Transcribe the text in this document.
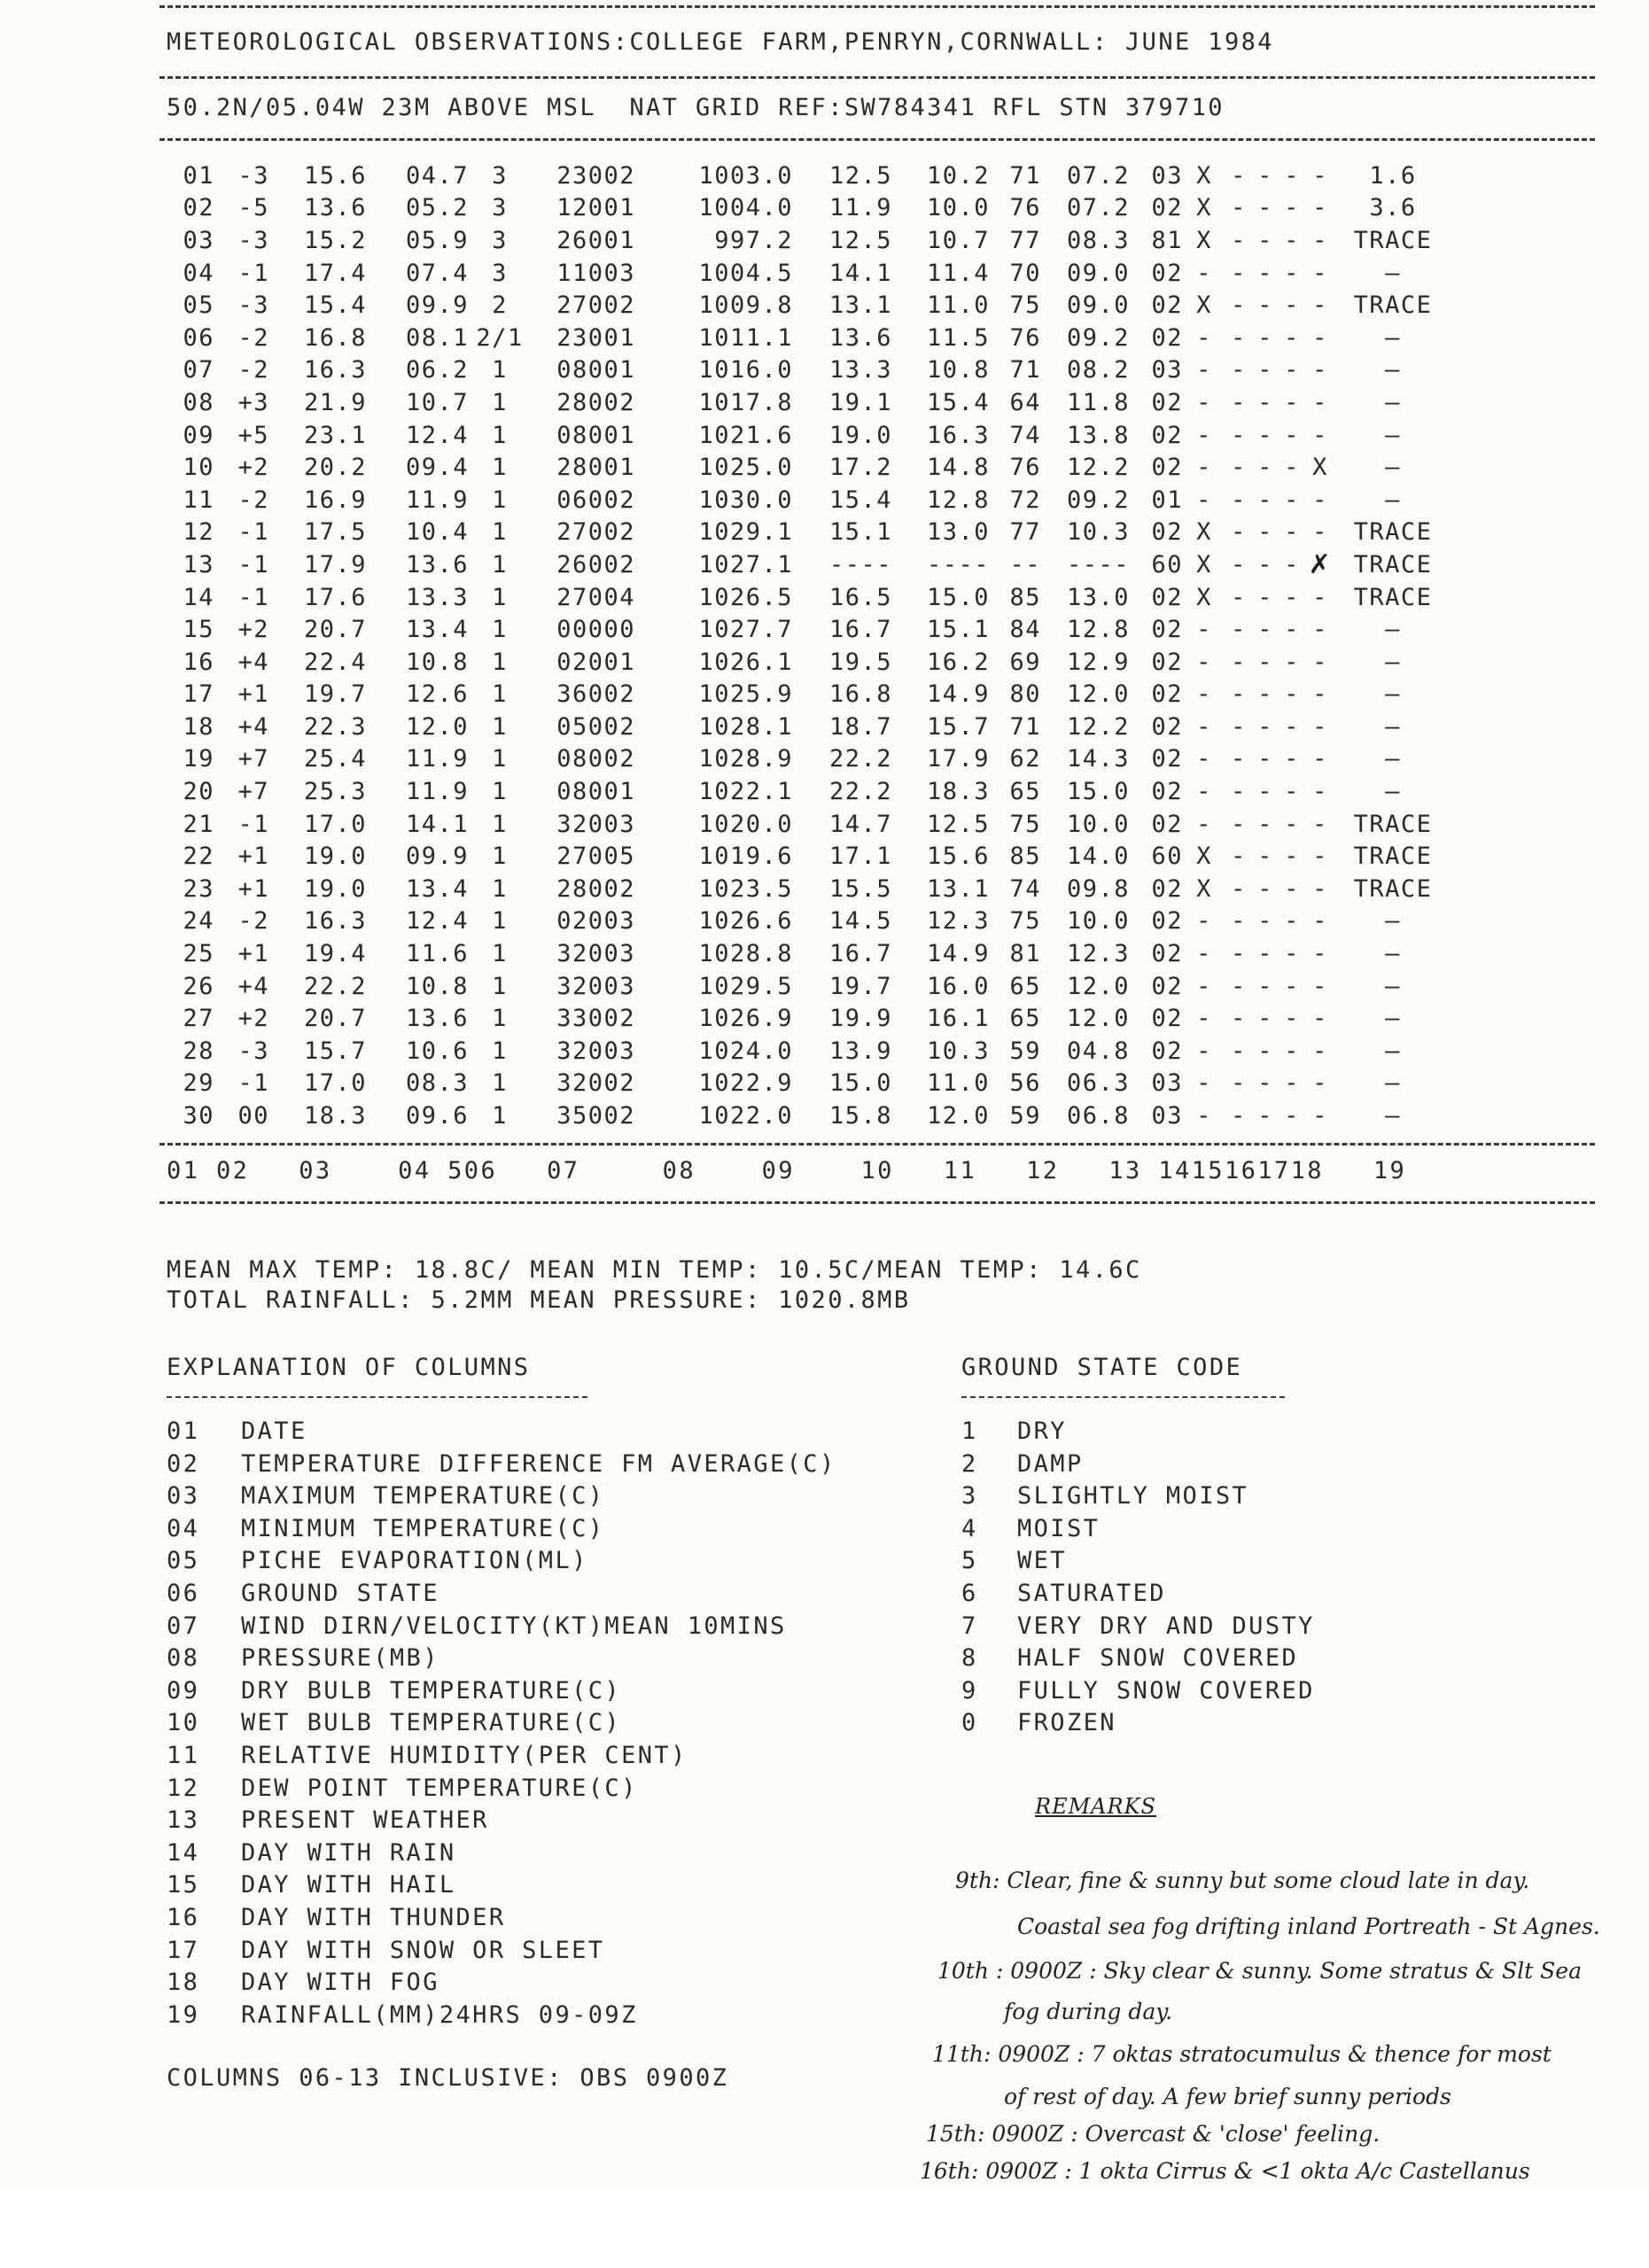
METEOROLOGICAL OBSERVATIONS:COLLEGE FARM,PENRYN,CORNWALL: JUNE 1984
50.2N/05.04W 23M ABOVE MSL  NAT GRID REF:SW784341 RFL STN 379710
01	-3	15.6	04.7	3	23002	1003.0	12.5	10.2	71	07.2	03	X	-	-	-	-	1.6
02	-5	13.6	05.2	3	12001	1004.0	11.9	10.0	76	07.2	02	X	-	-	-	-	3.6
03	-3	15.2	05.9	3	26001	997.2	12.5	10.7	77	08.3	81	X	-	-	-	-	TRACE
04	-1	17.4	07.4	3	11003	1004.5	14.1	11.4	70	09.0	02	-	-	-	-	-	—
05	-3	15.4	09.9	2	27002	1009.8	13.1	11.0	75	09.0	02	X	-	-	-	-	TRACE
06	-2	16.8	08.1	2/1	23001	1011.1	13.6	11.5	76	09.2	02	-	-	-	-	-	—
07	-2	16.3	06.2	1	08001	1016.0	13.3	10.8	71	08.2	03	-	-	-	-	-	—
08	+3	21.9	10.7	1	28002	1017.8	19.1	15.4	64	11.8	02	-	-	-	-	-	—
09	+5	23.1	12.4	1	08001	1021.6	19.0	16.3	74	13.8	02	-	-	-	-	-	—
10	+2	20.2	09.4	1	28001	1025.0	17.2	14.8	76	12.2	02	-	-	-	-	X	—
11	-2	16.9	11.9	1	06002	1030.0	15.4	12.8	72	09.2	01	-	-	-	-	-	—
12	-1	17.5	10.4	1	27002	1029.1	15.1	13.0	77	10.3	02	X	-	-	-	-	TRACE
13	-1	17.9	13.6	1	26002	1027.1	----	----	--	----	60	X	-	-	-	✗	TRACE
14	-1	17.6	13.3	1	27004	1026.5	16.5	15.0	85	13.0	02	X	-	-	-	-	TRACE
15	+2	20.7	13.4	1	00000	1027.7	16.7	15.1	84	12.8	02	-	-	-	-	-	—
16	+4	22.4	10.8	1	02001	1026.1	19.5	16.2	69	12.9	02	-	-	-	-	-	—
17	+1	19.7	12.6	1	36002	1025.9	16.8	14.9	80	12.0	02	-	-	-	-	-	—
18	+4	22.3	12.0	1	05002	1028.1	18.7	15.7	71	12.2	02	-	-	-	-	-	—
19	+7	25.4	11.9	1	08002	1028.9	22.2	17.9	62	14.3	02	-	-	-	-	-	—
20	+7	25.3	11.9	1	08001	1022.1	22.2	18.3	65	15.0	02	-	-	-	-	-	—
21	-1	17.0	14.1	1	32003	1020.0	14.7	12.5	75	10.0	02	-	-	-	-	-	TRACE
22	+1	19.0	09.9	1	27005	1019.6	17.1	15.6	85	14.0	60	X	-	-	-	-	TRACE
23	+1	19.0	13.4	1	28002	1023.5	15.5	13.1	74	09.8	02	X	-	-	-	-	TRACE
24	-2	16.3	12.4	1	02003	1026.6	14.5	12.3	75	10.0	02	-	-	-	-	-	—
25	+1	19.4	11.6	1	32003	1028.8	16.7	14.9	81	12.3	02	-	-	-	-	-	—
26	+4	22.2	10.8	1	32003	1029.5	19.7	16.0	65	12.0	02	-	-	-	-	-	—
27	+2	20.7	13.6	1	33002	1026.9	19.9	16.1	65	12.0	02	-	-	-	-	-	—
28	-3	15.7	10.6	1	32003	1024.0	13.9	10.3	59	04.8	02	-	-	-	-	-	—
29	-1	17.0	08.3	1	32002	1022.9	15.0	11.0	56	06.3	03	-	-	-	-	-	—
30	00	18.3	09.6	1	35002	1022.0	15.8	12.0	59	06.8	03	-	-	-	-	-	—
01 02   03    04 506   07     08    09    10   11   12   13 1415161718   19
MEAN MAX TEMP: 18.8C/ MEAN MIN TEMP: 10.5C/MEAN TEMP: 14.6C
TOTAL RAINFALL: 5.2MM MEAN PRESSURE: 1020.8MB
EXPLANATION OF COLUMNS
01 DATE
02 TEMPERATURE DIFFERENCE FM AVERAGE(C)
03 MAXIMUM TEMPERATURE(C)
04 MINIMUM TEMPERATURE(C)
05 PICHE EVAPORATION(ML)
06 GROUND STATE
07 WIND DIRN/VELOCITY(KT)MEAN 10MINS
08 PRESSURE(MB)
09 DRY BULB TEMPERATURE(C)
10 WET BULB TEMPERATURE(C)
11 RELATIVE HUMIDITY(PER CENT)
12 DEW POINT TEMPERATURE(C)
13 PRESENT WEATHER
14 DAY WITH RAIN
15 DAY WITH HAIL
16 DAY WITH THUNDER
17 DAY WITH SNOW OR SLEET
18 DAY WITH FOG
19 RAINFALL(MM)24HRS 09-09Z
COLUMNS 06-13 INCLUSIVE: OBS 0900Z
GROUND STATE CODE
1 DRY
2 DAMP
3 SLIGHTLY MOIST
4 MOIST
5 WET
6 SATURATED
7 VERY DRY AND DUSTY
8 HALF SNOW COVERED
9 FULLY SNOW COVERED
0 FROZEN
REMARKS
9th: Clear, fine & sunny but some cloud late in day.
Coastal sea fog drifting inland Portreath - St Agnes.
10th : 0900Z : Sky clear & sunny. Some stratus & Slt Sea
fog during day.
11th: 0900Z : 7 oktas stratocumulus & thence for most
of rest of day. A few brief sunny periods
15th: 0900Z : Overcast & 'close' feeling.
16th: 0900Z : 1 okta Cirrus & <1 okta A/c Castellanus
